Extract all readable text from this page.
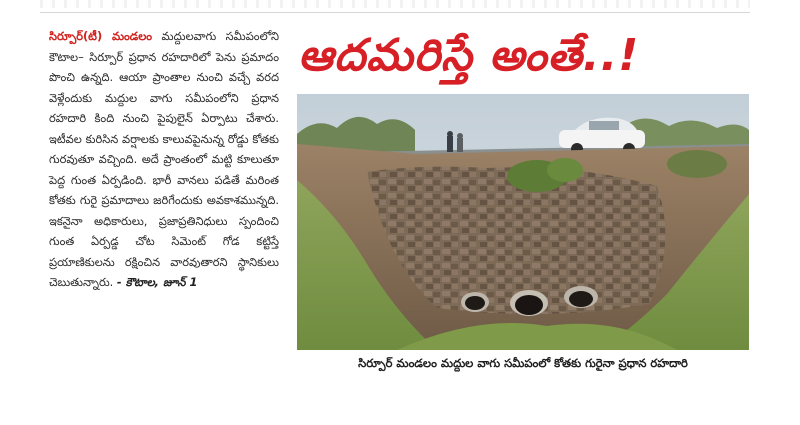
సిర్పూర్(టీ) మండలం మద్దులవాగు సమీపంలోని కౌటాల– సిర్పూర్ ప్రధాన రహదారిలో పెను ప్రమాదం పొంచి ఉన్నది. ఆయా ప్రాంతాల నుంచి వచ్చే వరద వెళ్లేందుకు మద్దుల వాగు సమీపంలోని ప్రధాన రహదారి కింది నుంచి పైపులైన్ ఏర్పాటు చేశారు. ఇటీవల కురిసిన వర్షాలకు కాలువపైనున్న రోడ్డు కోతకు గురవుతూ వచ్చింది. అదే ప్రాంతంలో మట్టి కూలుతూ పెద్ద గుంత ఏర్పడింది. భారీ వానలు పడితే మరింత కోతకు గురై ప్రమాదాలు జరిగేందుకు అవకాశమున్నది. ఇకనైనా అధికారులు, ప్రజాప్రతినిధులు స్పందించి గుంత ఏర్పడ్డ చోట సిమెంట్ గోడ కట్టిస్తే ప్రయాణికులను రక్షించిన వారవుతారని స్థానికులు చెబుతున్నారు. - కౌటాల, జూన్ 1

ఆదమరిస్తే అంతే..!
సిర్పూర్ మండలం మద్దుల వాగు సమీపంలో కోతకు గురైనా ప్రధాన రహదారి
